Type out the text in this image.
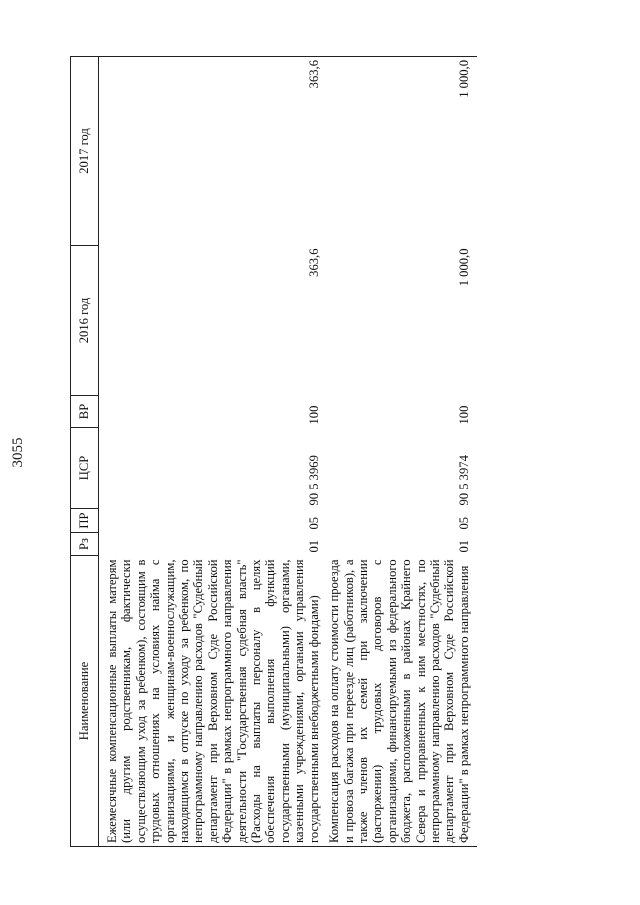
3055
Наименование	Рз	ПР	ЦСР	ВР	2016 год	2017 год
Ежемесячные компенсационные выплаты матерям (или другим родственникам, фактически осуществляющим уход за ребенком), состоящим в трудовых отношениях на условиях найма с организациями, и женщинам-военнослужащим, находящимся в отпуске по уходу за ребенком, по непрограммному направлению расходов "Судебный департамент при Верховном Суде Российской Федерации" в рамках непрограммного направления деятельности "Государственная судебная власть" (Расходы на выплаты персоналу в целях обеспечения выполнения функций государственными (муниципальными) органами, казенными учреждениями, органами управления государственными внебюджетными фондами)	01	05	90 5 3969	100	363,6	363,6
Компенсация расходов на оплату стоимости проезда и провоза багажа при переезде лиц (работников), а также членов их семей при заключении (расторжении) трудовых договоров с организациями, финансируемыми из федерального бюджета, расположенными в районах Крайнего Севера и приравненных к ним местностях, по непрограммному направлению расходов "Судебный департамент при Верховном Суде Российской Федерации" в рамках непрограммного направления	01	05	90 5 3974	100	1 000,0	1 000,0
